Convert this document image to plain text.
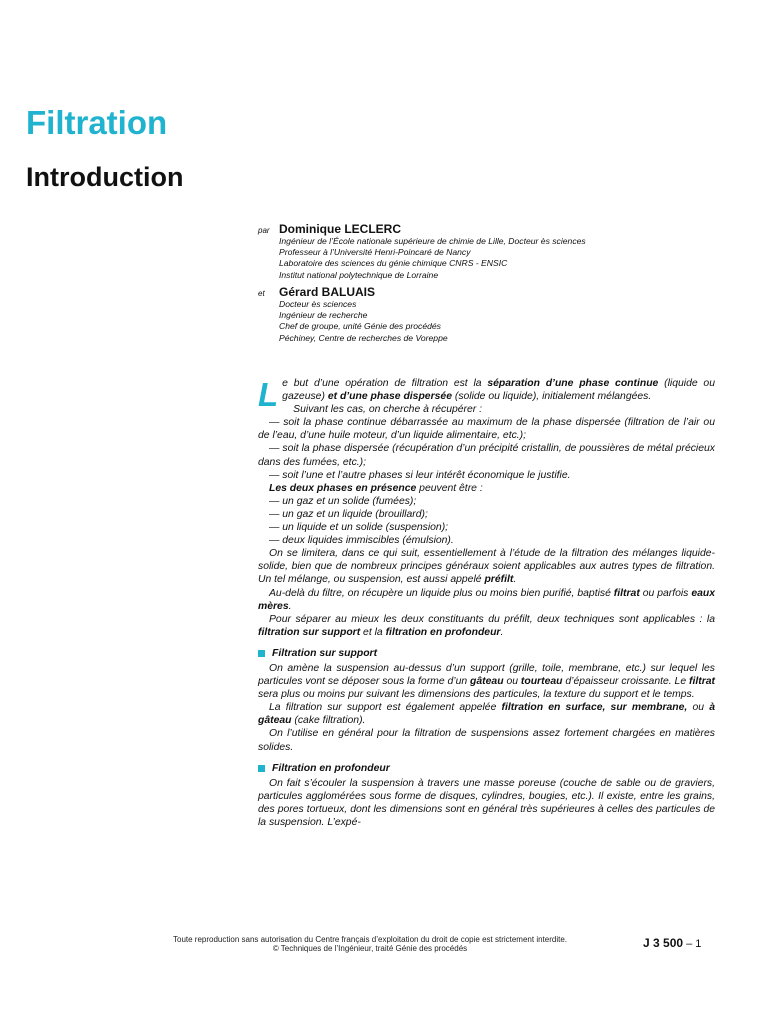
Filtration
Introduction
par Dominique LECLERC
Ingénieur de l’École nationale supérieure de chimie de Lille, Docteur ès sciences
Professeur à l’Université Henri-Poincaré de Nancy
Laboratoire des sciences du génie chimique CNRS - ENSIC
Institut national polytechnique de Lorraine
et	Gérard BALUAIS
Docteur ès sciences
Ingénieur de recherche
Chef de groupe, unité Génie des procédés
Péchiney, Centre de recherches de Voreppe

Le but d’une opération de filtration est la séparation d’une phase continue (liquide ou gazeuse) et d’une phase dispersée (solide ou liquide), initialement mélangées.

Suivant les cas, on cherche à récupérer :

— soit la phase continue débarrassée au maximum de la phase dispersée (filtration de l’air ou de l’eau, d’une huile moteur, d’un liquide alimentaire, etc.);

— soit la phase dispersée (récupération d’un précipité cristallin, de poussières de métal précieux dans des fumées, etc.);

— soit l’une et l’autre phases si leur intérêt économique le justifie.

Les deux phases en présence peuvent être :

— un gaz et un solide (fumées);

— un gaz et un liquide (brouillard);

— un liquide et un solide (suspension);

— deux liquides immiscibles (émulsion).

On se limitera, dans ce qui suit, essentiellement à l’étude de la filtration des mélanges liquide-solide, bien que de nombreux principes généraux soient applicables aux autres types de filtration. Un tel mélange, ou suspension, est aussi appelé préfilt.

Au-delà du filtre, on récupère un liquide plus ou moins bien purifié, baptisé filtrat ou parfois eaux mères.

Pour séparer au mieux les deux constituants du préfilt, deux techniques sont applicables : la filtration sur support et la filtration en profondeur.

Filtration sur support

On amène la suspension au-dessus d’un support (grille, toile, membrane, etc.) sur lequel les particules vont se déposer sous la forme d’un gâteau ou tourteau d’épaisseur croissante. Le filtrat sera plus ou moins pur suivant les dimensions des particules, la texture du support et le temps.

La filtration sur support est également appelée filtration en surface, sur membrane, ou à gâteau (cake filtration).

On l’utilise en général pour la filtration de suspensions assez fortement chargées en matières solides.

Filtration en profondeur

On fait s’écouler la suspension à travers une masse poreuse (couche de sable ou de graviers, particules agglomérées sous forme de disques, cylindres, bougies, etc.). Il existe, entre les grains, des pores tortueux, dont les dimensions sont en général très supérieures à celles des particules de la suspension. L’expé-

Toute reproduction sans autorisation du Centre français d’exploitation du droit de copie est strictement interdite.
© Techniques de l’Ingénieur, traité Génie des procédés	J 3 500 – 1
